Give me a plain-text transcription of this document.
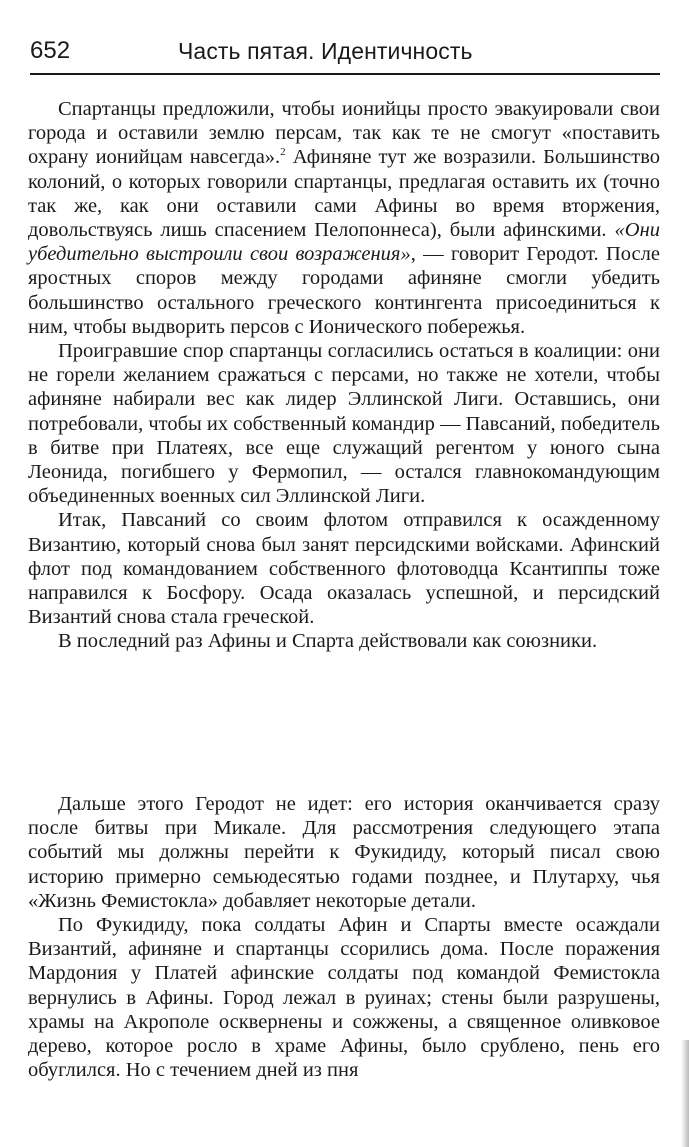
652	Часть пятая. Идентичность

Спартанцы предложили, чтобы ионийцы просто эвакуировали свои города и оставили землю персам, так как те не смогут «поставить охрану ионийцам навсегда».$^2$ Афиняне тут же возразили. Большинство колоний, о которых говорили спартанцы, предлагая оставить их (точно так же, как они оставили сами Афины во время вторжения, довольствуясь лишь спасением Пелопоннеса), были афинскими. «Они убедительно выстроили свои возражения», — говорит Геродот. После яростных споров между городами афиняне смогли убедить большинство остального греческого контингента присоединиться к ним, чтобы выдворить персов с Ионического побережья.

Проигравшие спор спартанцы согласились остаться в коалиции: они не горели желанием сражаться с персами, но также не хотели, чтобы афиняне набирали вес как лидер Эллинской Лиги. Оставшись, они потребовали, чтобы их собственный командир — Павсаний, победитель в битве при Платеях, все еще служащий регентом у юного сына Леонида, погибшего у Фермопил, — остался главнокомандующим объединенных военных сил Эллинской Лиги.

Итак, Павсаний со своим флотом отправился к осажденному Византию, который снова был занят персидскими войсками. Афинский флот под командованием собственного флотоводца Ксантиппы тоже направился к Босфору. Осада оказалась успешной, и персидский Византий снова стала греческой.

В последний раз Афины и Спарта действовали как союзники.

Дальше этого Геродот не идет: его история оканчивается сразу после битвы при Микале. Для рассмотрения следующего этапа событий мы должны перейти к Фукидиду, который писал свою историю примерно семьюдесятью годами позднее, и Плутарху, чья «Жизнь Фемистокла» добавляет некоторые детали.

По Фукидиду, пока солдаты Афин и Спарты вместе осаждали Византий, афиняне и спартанцы ссорились дома. После поражения Мардония у Платей афинские солдаты под командой Фемистокла вернулись в Афины. Город лежал в руинах; стены были разрушены, храмы на Акрополе осквернены и сожжены, а священное оливковое дерево, которое росло в храме Афины, было срублено, пень его обуглился. Но с течением дней из пня
